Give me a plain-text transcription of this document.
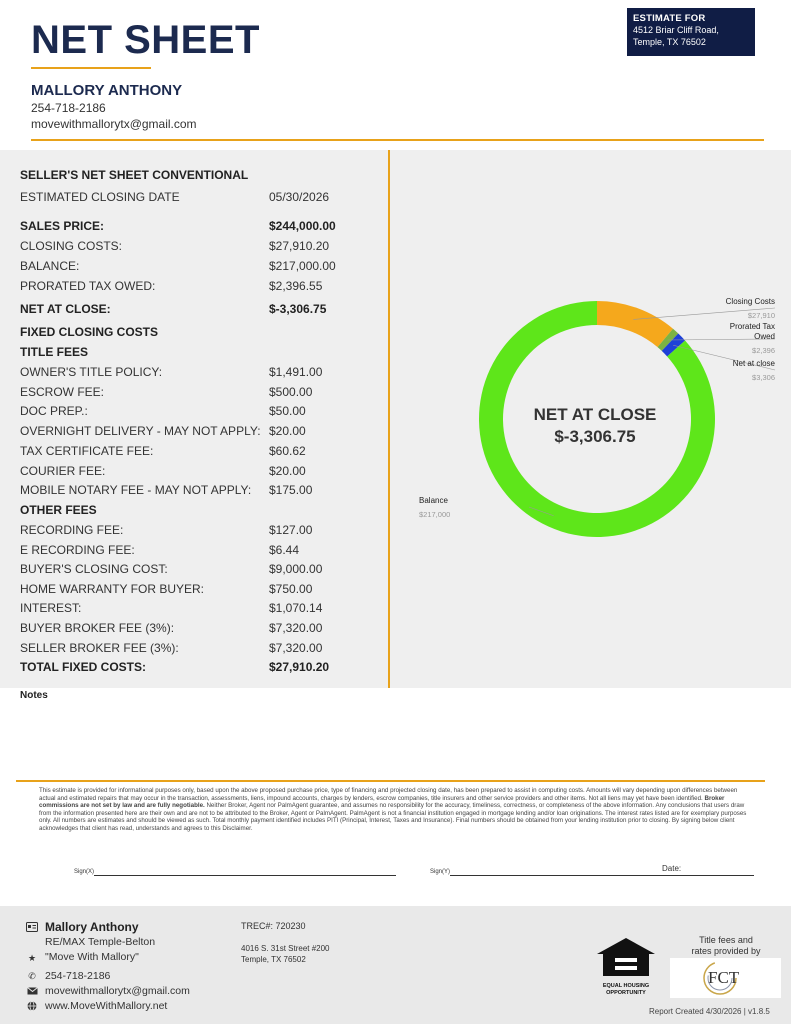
NET SHEET	ESTIMATE FOR
4512 Briar Cliff Road,
Temple, TX 76502
MALLORY ANTHONY
254-718-2186
movewithmallorytx@gmail.com
SELLER'S NET SHEET CONVENTIONAL
ESTIMATED CLOSING DATE	05/30/2026
SALES PRICE:	$244,000.00
CLOSING COSTS:	$27,910.20
BALANCE:	$217,000.00
PRORATED TAX OWED:	$2,396.55
NET AT CLOSE:	$-3,306.75
FIXED CLOSING COSTS
TITLE FEES
OWNER'S TITLE POLICY:	$1,491.00
ESCROW FEE:	$500.00
DOC PREP.:	$50.00
OVERNIGHT DELIVERY - MAY NOT APPLY: $20.00
TAX CERTIFICATE FEE:	$60.62
COURIER FEE:	$20.00
MOBILE NOTARY FEE - MAY NOT APPLY: $175.00
OTHER FEES
RECORDING FEE:	$127.00
E RECORDING FEE:	$6.44
BUYER'S CLOSING COST:	$9,000.00
HOME WARRANTY FOR BUYER:	$750.00
INTEREST:	$1,070.14
BUYER BROKER FEE (3%):	$7,320.00
SELLER BROKER FEE (3%):	$7,320.00
TOTAL FIXED COSTS:	$27,910.20
Closing Costs
$27,910
Prorated Tax
Owed
$2,396
Net at close
$3,306
Balance
$217,000
NET AT CLOSE
$-3,306.75
Notes
This estimate is provided for informational purposes only, based upon the above proposed purchase price, type of financing and projected closing date, has been prepared to assist in computing costs. Amounts will vary depending upon differences between actual and estimated repairs that may occur in the transaction, assessments, liens, impound accounts, charges by lenders, escrow companies, title insurers and other service providers and other items. Not all liens may yet have been identified. Broker commissions are not set by law and are fully negotiable. Neither Broker, Agent nor PalmAgent guarantee, and assumes no responsibility for the accuracy, timeliness, correctness, or completeness of the above information. Any conclusions that users draw from the information presented here are their own and are not to be attributed to the Broker, Agent or PalmAgent. PalmAgent is not a financial institution engaged in mortgage lending and/or loan originations. The interest rates listed are for exemplary purposes only. All numbers are estimates and should be viewed as such. Total monthly payment identified includes PITI (Principal, Interest, Taxes and Insurance). Final numbers should be obtained from your lending institution prior to closing. By signing below client acknowledges that client has read, understands and agrees to this Disclaimer.
Sign(X)	Sign(Y)	Date:
Mallory Anthony
RE/MAX Temple-Belton
★ "Move With Mallory"
✆ 254-718-2186
movewithmallorytx@gmail.com
www.MoveWithMallory.net
TREC#: 720230
4016 S. 31st Street #200
Temple, TX 76502
EQUAL HOUSING
OPPORTUNITY
Title fees and
rates provided by
FCT
Report Created 4/30/2026 | v1.8.5
